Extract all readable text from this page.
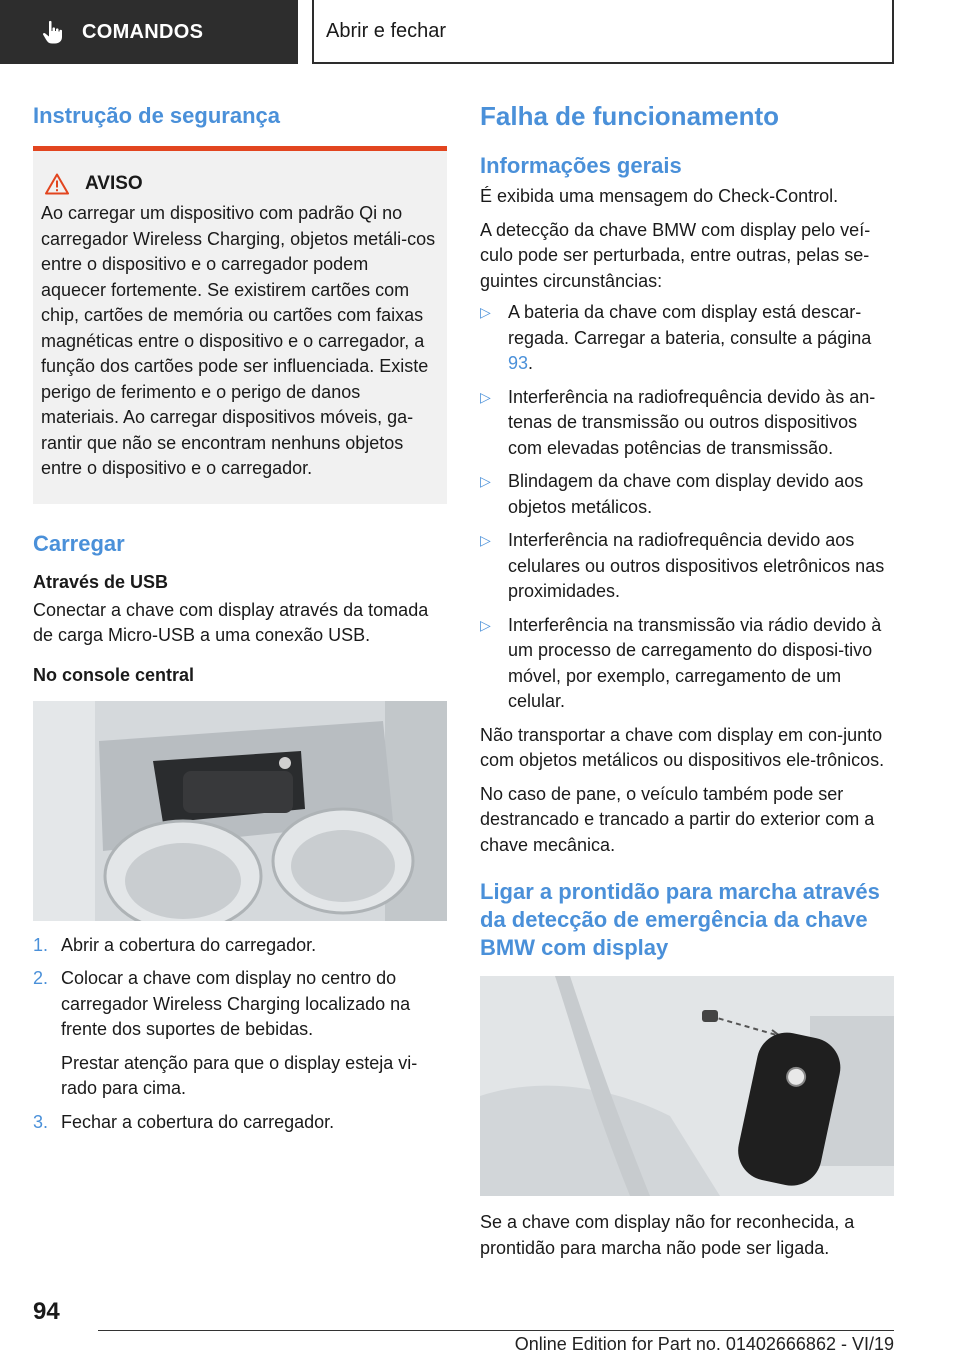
COMANDOS	Abrir e fechar
Instrução de segurança
AVISO

Ao carregar um dispositivo com padrão Qi no carregador Wireless Charging, objetos metáli-cos entre o dispositivo e o carregador podem aquecer fortemente. Se existirem cartões com chip, cartões de memória ou cartões com faixas magnéticas entre o dispositivo e o carregador, a função dos cartões pode ser influenciada. Existe perigo de ferimento e o perigo de danos materiais. Ao carregar dispositivos móveis, ga-rantir que não se encontram nenhuns objetos entre o dispositivo e o carregador.

Carregar
Através de USB

Conectar a chave com display através da tomada de carga Micro-USB a uma conexão USB.

No console central
1. Abrir a cobertura do carregador.
2. Colocar a chave com display no centro do carregador Wireless Charging localizado na frente dos suportes de bebidas.

Prestar atenção para que o display esteja vi-rado para cima.

3. Fechar a cobertura do carregador.
Falha de funcionamento
Informações gerais

É exibida uma mensagem do Check-Control.

A detecção da chave BMW com display pelo veí-culo pode ser perturbada, entre outras, pelas se-guintes circunstâncias:

▷ A bateria da chave com display está descar-regada. Carregar a bateria, consulte a página 93.
▷ Interferência na radiofrequência devido às an-tenas de transmissão ou outros dispositivos com elevadas potências de transmissão.
▷ Blindagem da chave com display devido aos objetos metálicos.
▷ Interferência na radiofrequência devido aos celulares ou outros dispositivos eletrônicos nas proximidades.
▷ Interferência na transmissão via rádio devido à um processo de carregamento do disposi-tivo móvel, por exemplo, carregamento de um celular.

Não transportar a chave com display em con-junto com objetos metálicos ou dispositivos ele-trônicos.

No caso de pane, o veículo também pode ser destrancado e trancado a partir do exterior com a chave mecânica.

Ligar a prontidão para marcha através da detecção de emergência da chave BMW com display

Se a chave com display não for reconhecida, a prontidão para marcha não pode ser ligada.

94
Online Edition for Part no. 01402666862 - VI/19
